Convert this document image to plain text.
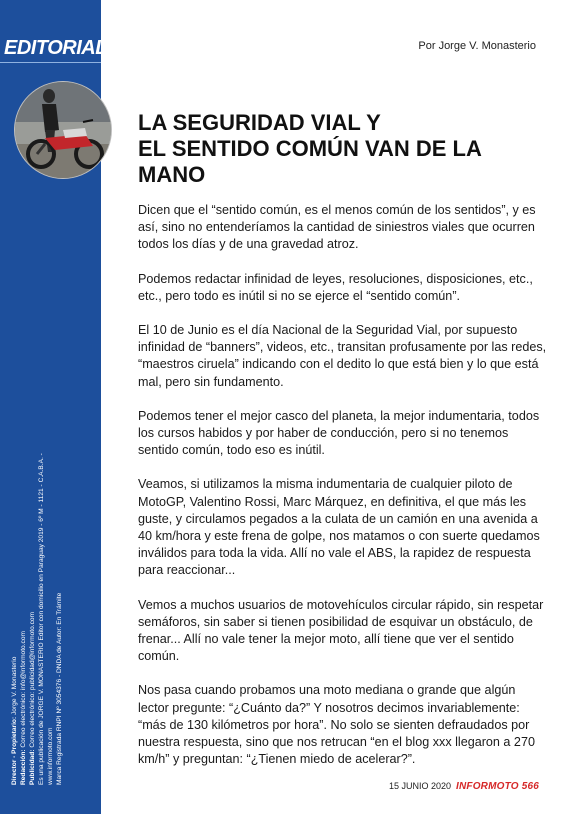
EDITORIAL
Director - Propietario: Jorge V. Monasterio
Redacción: Correo electrónico: info@informoto.com
Publicidad: Correo electrónico: publicidad@informoto.com Es una publicación de JORGE V. MONASTERIO Editor con domicilio en Paraguay 2019 - 6º M - 1121 - C.A.B.A. - www.informoto.com Marca Registrada RNPI Nº 3054376 - DNDA de Autor: En Trámite
Por Jorge V. Monasterio
LA SEGURIDAD VIAL Y
EL SENTIDO COMÚN VAN DE LA
MANO

Dicen que el “sentido común, es el menos común de los sentidos”, y es así, sino no entenderíamos la cantidad de siniestros viales que ocurren todos los días y de una gravedad atroz.

Podemos redactar infinidad de leyes, resoluciones, disposiciones, etc., etc., pero todo es inútil si no se ejerce el “sentido común”.

El 10 de Junio es el día Nacional de la Seguridad Vial, por supuesto infinidad de “banners”, videos, etc., transitan profusamente por las redes, “maestros ciruela” indicando con el dedito lo que está bien y lo que está mal, pero sin fundamento.

Podemos tener el mejor casco del planeta, la mejor indumentaria, todos los cursos habidos y por haber de conducción, pero si no tenemos sentido común, todo eso es inútil.

Veamos, si utilizamos la misma indumentaria de cualquier piloto de MotoGP, Valentino Rossi, Marc Márquez, en definitiva, el que más les guste, y circulamos pegados a la culata de un camión en una avenida a 40 km/hora y este frena de golpe, nos matamos o con suerte quedamos inválidos para toda la vida. Allí no vale el ABS, la rapidez de respuesta para reaccionar...

Vemos a muchos usuarios de motovehículos circular rápido, sin respetar semáforos, sin saber si tienen posibilidad de esquivar un obstáculo, de frenar... Allí no vale tener la mejor moto, allí tiene que ver el sentido común.

Nos pasa cuando probamos una moto mediana o grande que algún lector pregunte: “¿Cuánto da?” Y nosotros decimos invariablemente: “más de 130 kilómetros por hora”. No solo se sienten defraudados por nuestra respuesta, sino que nos retrucan “en el blog xxx llegaron a 270 km/h” y preguntan: “¿Tienen miedo de acelerar?”.

15 JUNIO 2020 INFORMOTO 566
